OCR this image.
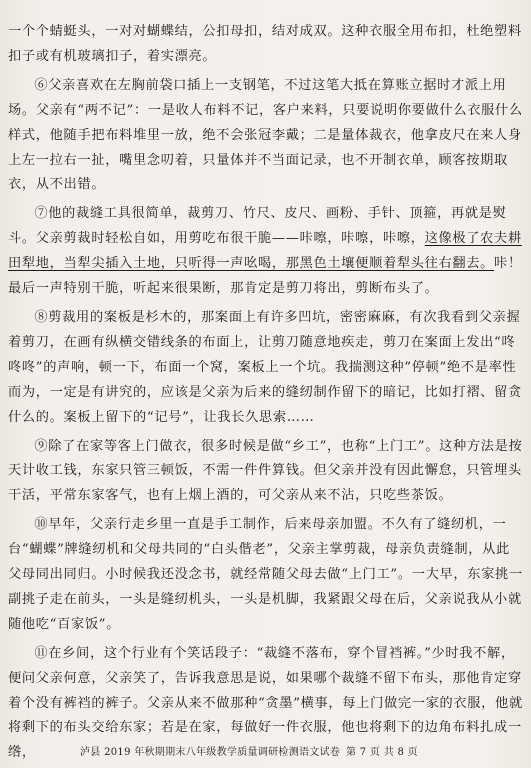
一个个蜻蜓头，一对对蝴蝶结，公扣母扣，结对成双。这种衣服全用布扣，杜绝塑料扣子或有机玻璃扣子，着实漂亮。

⑥父亲喜欢在左胸前袋口插上一支钢笔，不过这笔大抵在算账立据时才派上用场。父亲有“两不记”：一是收人布料不记，客户来料，只要说明你要做什么衣服什么样式，他随手把布料堆里一放，绝不会张冠李戴；二是量体裁衣，他拿皮尺在来人身上左一拉右一扯，嘴里念叨着，只量体并不当面记录，也不开制衣单，顾客按期取衣，从不出错。

⑦他的裁缝工具很简单，裁剪刀、竹尺、皮尺、画粉、手针、顶箍，再就是熨斗。父亲剪裁时轻松自如，用剪吃布很干脆——咔嚓，咔嚓，咔嚓，这像极了农夫耕田犁地，当犁尖插入土地，只听得一声吆喝，那黑色土壤便顺着犁头往右翻去。咔！最后一声特别干脆，听起来很果断，那肯定是剪刀将出，剪断布头了。

⑧剪裁用的案板是杉木的，那案面上有许多凹坑，密密麻麻，有次我看到父亲握着剪刀，在画有纵横交错线条的布面上，让剪刀随意地疾走，剪刀在案面上发出“咚咚咚”的声响，顿一下，布面一个窝，案板上一个坑。我揣测这种“停顿”绝不是率性而为，一定是有讲究的，应该是父亲为后来的缝纫制作留下的暗记，比如打褶、留贪什么的。案板上留下的“记号”，让我长久思索……

⑨除了在家等客上门做衣，很多时候是做“乡工”，也称“上门工”。这种方法是按天计收工钱，东家只管三顿饭，不需一件件算钱。但父亲并没有因此懈怠，只管埋头干活，平常东家客气，也有上烟上酒的，可父亲从来不沾，只吃些茶饭。

⑩早年，父亲行走乡里一直是手工制作，后来母亲加盟。不久有了缝纫机，一台“蝴蝶”牌缝纫机和父母共同的“白头偕老”，父亲主掌剪裁，母亲负责缝制，从此父母同出同归。小时候我还没念书，就经常随父母去做“上门工”。一大早，东家挑一副挑子走在前头，一头是缝纫机头，一头是机脚，我紧跟父母在后，父亲说我从小就随他吃“百家饭”。

⑪在乡间，这个行业有个笑话段子：“裁缝不落布，穿个冒裆裤。”少时我不解，便问父亲何意，父亲笑了，告诉我意思是说，如果哪个裁缝不留下布头，那他肯定穿着个没有裤裆的裤子。父亲从来不做那种“贪墨”横事，每上门做完一家的衣服，他就将剩下的布头交给东家；若是在家，每做好一件衣服，他也将剩下的边角布料扎成一绺，	泸县 2019 年秋期期末八年级教学质量调研检测语文试卷 第 7 页 共 8 页
